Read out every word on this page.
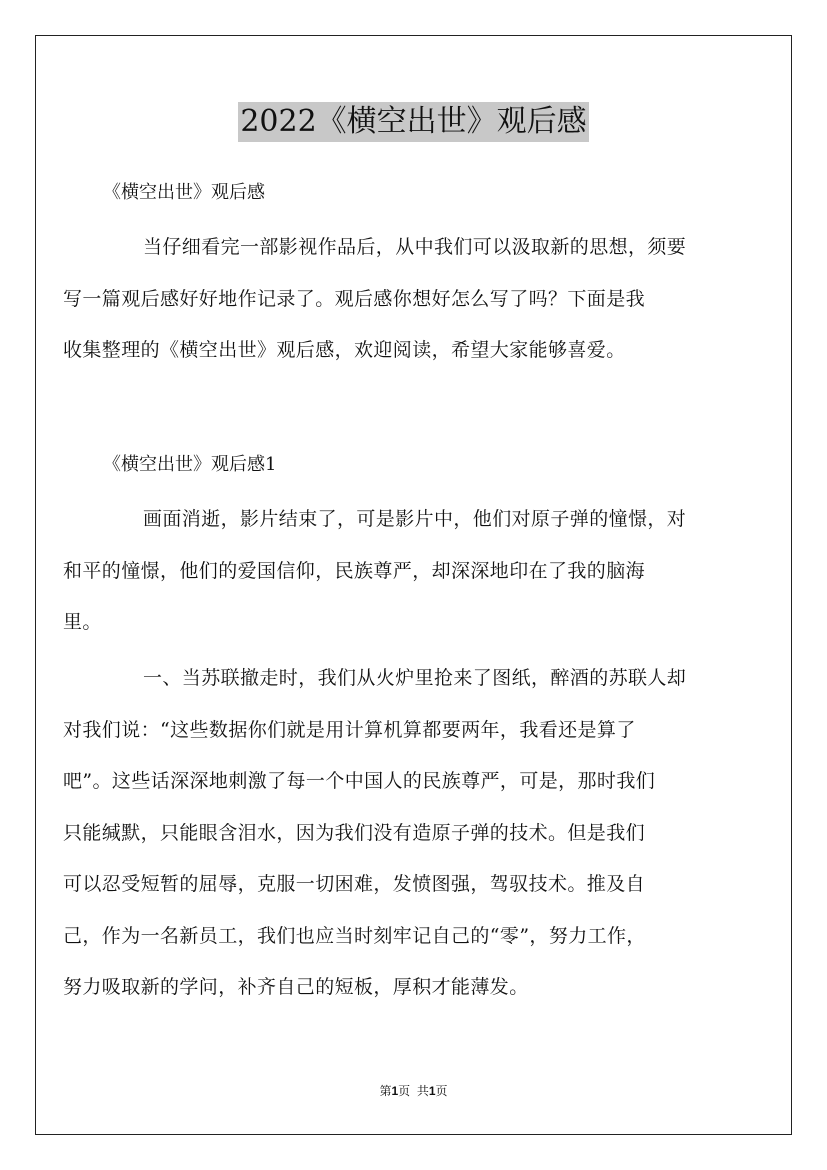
2022《横空出世》观后感
《横空出世》观后感
当仔细看完一部影视作品后，从中我们可以汲取新的思想，须要
写一篇观后感好好地作记录了。观后感你想好怎么写了吗？下面是我
收集整理的《横空出世》观后感，欢迎阅读，希望大家能够喜爱。
《横空出世》观后感1
画面消逝，影片结束了，可是影片中，他们对原子弹的憧憬，对
和平的憧憬，他们的爱国信仰，民族尊严，却深深地印在了我的脑海
里。
一、当苏联撤走时，我们从火炉里抢来了图纸，醉酒的苏联人却
对我们说：“这些数据你们就是用计算机算都要两年，我看还是算了
吧”。这些话深深地刺激了每一个中国人的民族尊严，可是，那时我们
只能缄默，只能眼含泪水，因为我们没有造原子弹的技术。但是我们
可以忍受短暂的屈辱，克服一切困难，发愤图强，驾驭技术。推及自
己，作为一名新员工，我们也应当时刻牢记自己的“零”，努力工作，
努力吸取新的学问，补齐自己的短板，厚积才能薄发。
第1页 共1页
